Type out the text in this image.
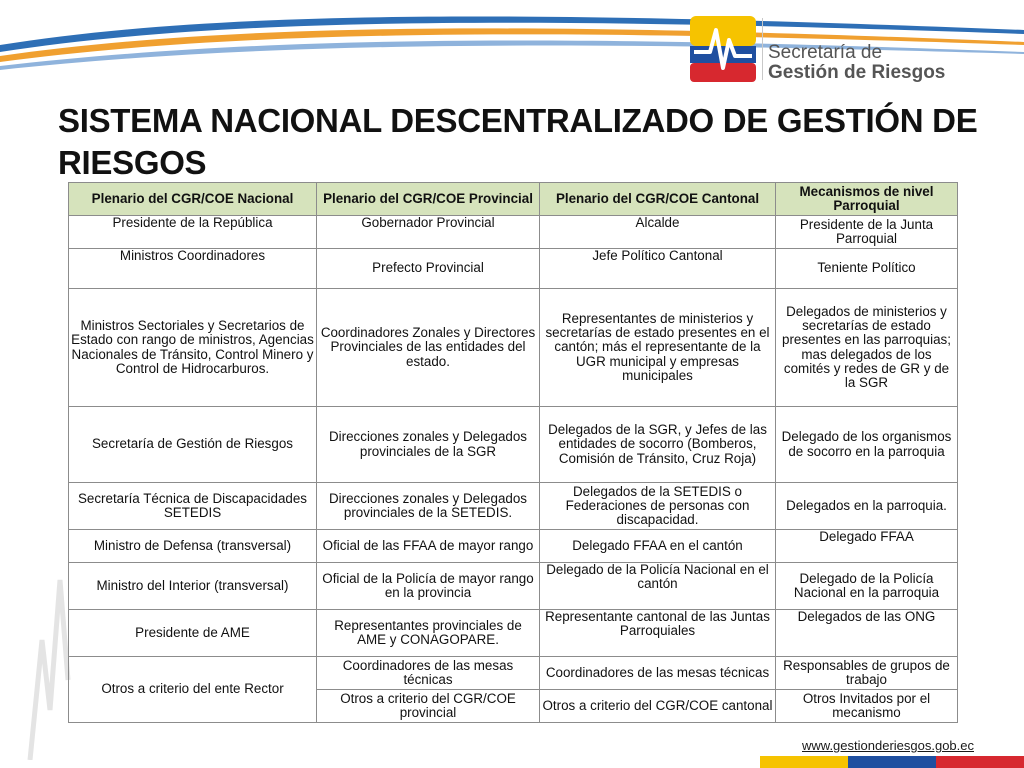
Secretaría de
Gestión de Riesgos
SISTEMA NACIONAL DESCENTRALIZADO DE GESTIÓN DE RIESGOS
Plenario del CGR/COE Nacional	Plenario del CGR/COE Provincial	Plenario del CGR/COE Cantonal	Mecanismos de nivel Parroquial
Presidente de la República	Gobernador Provincial	Alcalde	Presidente de la Junta Parroquial
Ministros Coordinadores	Prefecto Provincial	Jefe Político Cantonal	Teniente Político
Ministros Sectoriales y Secretarios de Estado con rango de ministros, Agencias Nacionales de Tránsito, Control Minero y Control de Hidrocarburos.	Coordinadores Zonales y Directores Provinciales de las entidades del estado.	Representantes de ministerios y secretarías de estado presentes en el cantón; más el representante de la UGR municipal y empresas municipales	Delegados de ministerios y secretarías de estado presentes en las parroquias; mas delegados de los comités y redes de GR y de la SGR
Secretaría de Gestión de Riesgos	Direcciones zonales y Delegados provinciales de la SGR	Delegados de la SGR, y Jefes de las entidades de socorro (Bomberos, Comisión de Tránsito, Cruz Roja)	Delegado de los organismos de socorro en la parroquia
Secretaría Técnica de Discapacidades SETEDIS	Direcciones zonales y Delegados provinciales de la SETEDIS.	Delegados de la SETEDIS o Federaciones de personas con discapacidad.	Delegados en la parroquia.
Ministro de Defensa (transversal)	Oficial de las FFAA de mayor rango	Delegado FFAA en el cantón	Delegado FFAA
Ministro del Interior (transversal)	Oficial de la Policía de mayor rango en la provincia	Delegado de la Policía Nacional en el cantón	Delegado de la Policía Nacional en la parroquia
Presidente de AME	Representantes provinciales de AME y CONAGOPARE.	Representante cantonal de las Juntas Parroquiales	Delegados de las ONG
Otros a criterio del ente Rector	Coordinadores de las mesas técnicas	Coordinadores de las mesas técnicas	Responsables de grupos de trabajo
	Otros a criterio del CGR/COE provincial	Otros a criterio del CGR/COE cantonal	Otros Invitados por el mecanismo
www.gestionderiesgos.gob.ec
